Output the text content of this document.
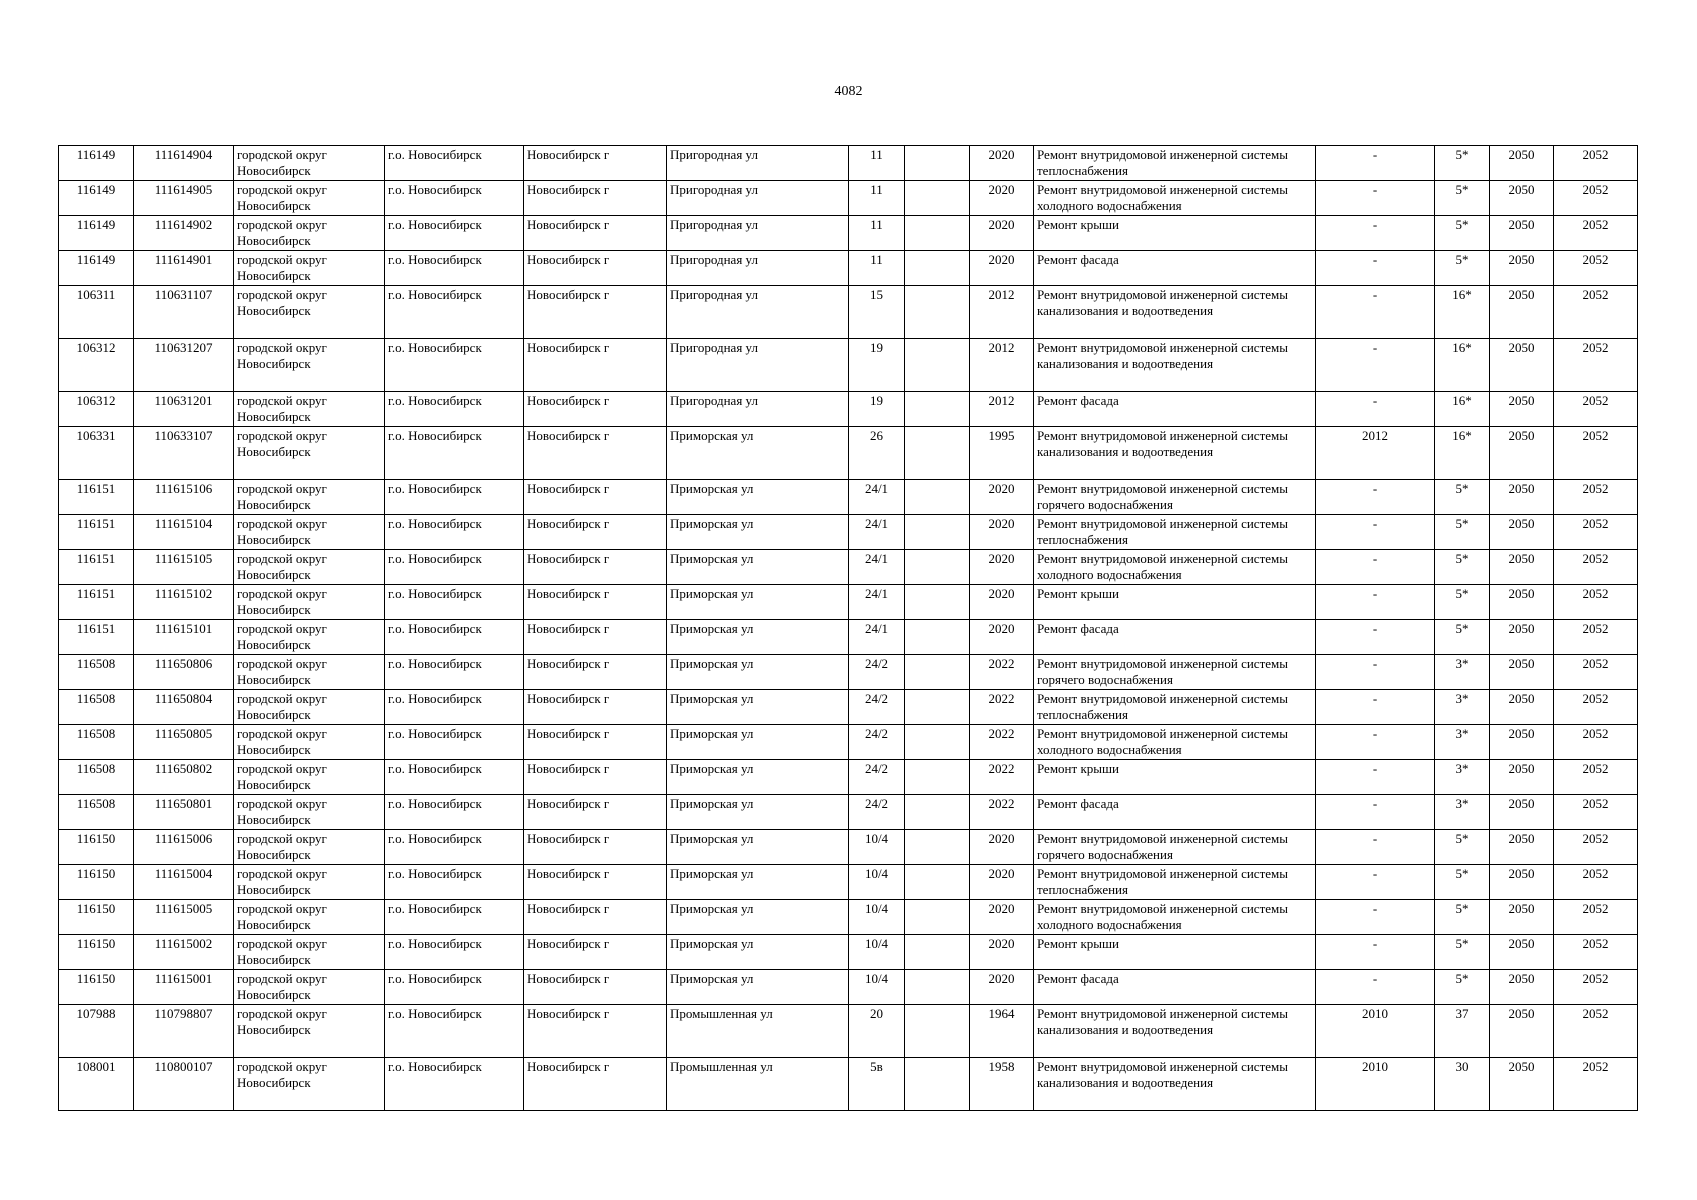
4082
116149	111614904	городской округ Новосибирск	г.о. Новосибирск	Новосибирск г	Пригородная ул	11		2020	Ремонт внутридомовой инженерной системы теплоснабжения	-	5*	2050	2052
116149	111614905	городской округ Новосибирск	г.о. Новосибирск	Новосибирск г	Пригородная ул	11		2020	Ремонт внутридомовой инженерной системы холодного водоснабжения	-	5*	2050	2052
116149	111614902	городской округ Новосибирск	г.о. Новосибирск	Новосибирск г	Пригородная ул	11		2020	Ремонт крыши	-	5*	2050	2052
116149	111614901	городской округ Новосибирск	г.о. Новосибирск	Новосибирск г	Пригородная ул	11		2020	Ремонт фасада	-	5*	2050	2052
106311	110631107	городской округ Новосибирск	г.о. Новосибирск	Новосибирск г	Пригородная ул	15		2012	Ремонт внутридомовой инженерной системы канализования и водоотведения	-	16*	2050	2052
106312	110631207	городской округ Новосибирск	г.о. Новосибирск	Новосибирск г	Пригородная ул	19		2012	Ремонт внутридомовой инженерной системы канализования и водоотведения	-	16*	2050	2052
106312	110631201	городской округ Новосибирск	г.о. Новосибирск	Новосибирск г	Пригородная ул	19		2012	Ремонт фасада	-	16*	2050	2052
106331	110633107	городской округ Новосибирск	г.о. Новосибирск	Новосибирск г	Приморская ул	26		1995	Ремонт внутридомовой инженерной системы канализования и водоотведения	2012	16*	2050	2052
116151	111615106	городской округ Новосибирск	г.о. Новосибирск	Новосибирск г	Приморская ул	24/1		2020	Ремонт внутридомовой инженерной системы горячего водоснабжения	-	5*	2050	2052
116151	111615104	городской округ Новосибирск	г.о. Новосибирск	Новосибирск г	Приморская ул	24/1		2020	Ремонт внутридомовой инженерной системы теплоснабжения	-	5*	2050	2052
116151	111615105	городской округ Новосибирск	г.о. Новосибирск	Новосибирск г	Приморская ул	24/1		2020	Ремонт внутридомовой инженерной системы холодного водоснабжения	-	5*	2050	2052
116151	111615102	городской округ Новосибирск	г.о. Новосибирск	Новосибирск г	Приморская ул	24/1		2020	Ремонт крыши	-	5*	2050	2052
116151	111615101	городской округ Новосибирск	г.о. Новосибирск	Новосибирск г	Приморская ул	24/1		2020	Ремонт фасада	-	5*	2050	2052
116508	111650806	городской округ Новосибирск	г.о. Новосибирск	Новосибирск г	Приморская ул	24/2		2022	Ремонт внутридомовой инженерной системы горячего водоснабжения	-	3*	2050	2052
116508	111650804	городской округ Новосибирск	г.о. Новосибирск	Новосибирск г	Приморская ул	24/2		2022	Ремонт внутридомовой инженерной системы теплоснабжения	-	3*	2050	2052
116508	111650805	городской округ Новосибирск	г.о. Новосибирск	Новосибирск г	Приморская ул	24/2		2022	Ремонт внутридомовой инженерной системы холодного водоснабжения	-	3*	2050	2052
116508	111650802	городской округ Новосибирск	г.о. Новосибирск	Новосибирск г	Приморская ул	24/2		2022	Ремонт крыши	-	3*	2050	2052
116508	111650801	городской округ Новосибирск	г.о. Новосибирск	Новосибирск г	Приморская ул	24/2		2022	Ремонт фасада	-	3*	2050	2052
116150	111615006	городской округ Новосибирск	г.о. Новосибирск	Новосибирск г	Приморская ул	10/4		2020	Ремонт внутридомовой инженерной системы горячего водоснабжения	-	5*	2050	2052
116150	111615004	городской округ Новосибирск	г.о. Новосибирск	Новосибирск г	Приморская ул	10/4		2020	Ремонт внутридомовой инженерной системы теплоснабжения	-	5*	2050	2052
116150	111615005	городской округ Новосибирск	г.о. Новосибирск	Новосибирск г	Приморская ул	10/4		2020	Ремонт внутридомовой инженерной системы холодного водоснабжения	-	5*	2050	2052
116150	111615002	городской округ Новосибирск	г.о. Новосибирск	Новосибирск г	Приморская ул	10/4		2020	Ремонт крыши	-	5*	2050	2052
116150	111615001	городской округ Новосибирск	г.о. Новосибирск	Новосибирск г	Приморская ул	10/4		2020	Ремонт фасада	-	5*	2050	2052
107988	110798807	городской округ Новосибирск	г.о. Новосибирск	Новосибирск г	Промышленная ул	20		1964	Ремонт внутридомовой инженерной системы канализования и водоотведения	2010	37	2050	2052
108001	110800107	городской округ Новосибирск	г.о. Новосибирск	Новосибирск г	Промышленная ул	5в		1958	Ремонт внутридомовой инженерной системы канализования и водоотведения	2010	30	2050	2052
